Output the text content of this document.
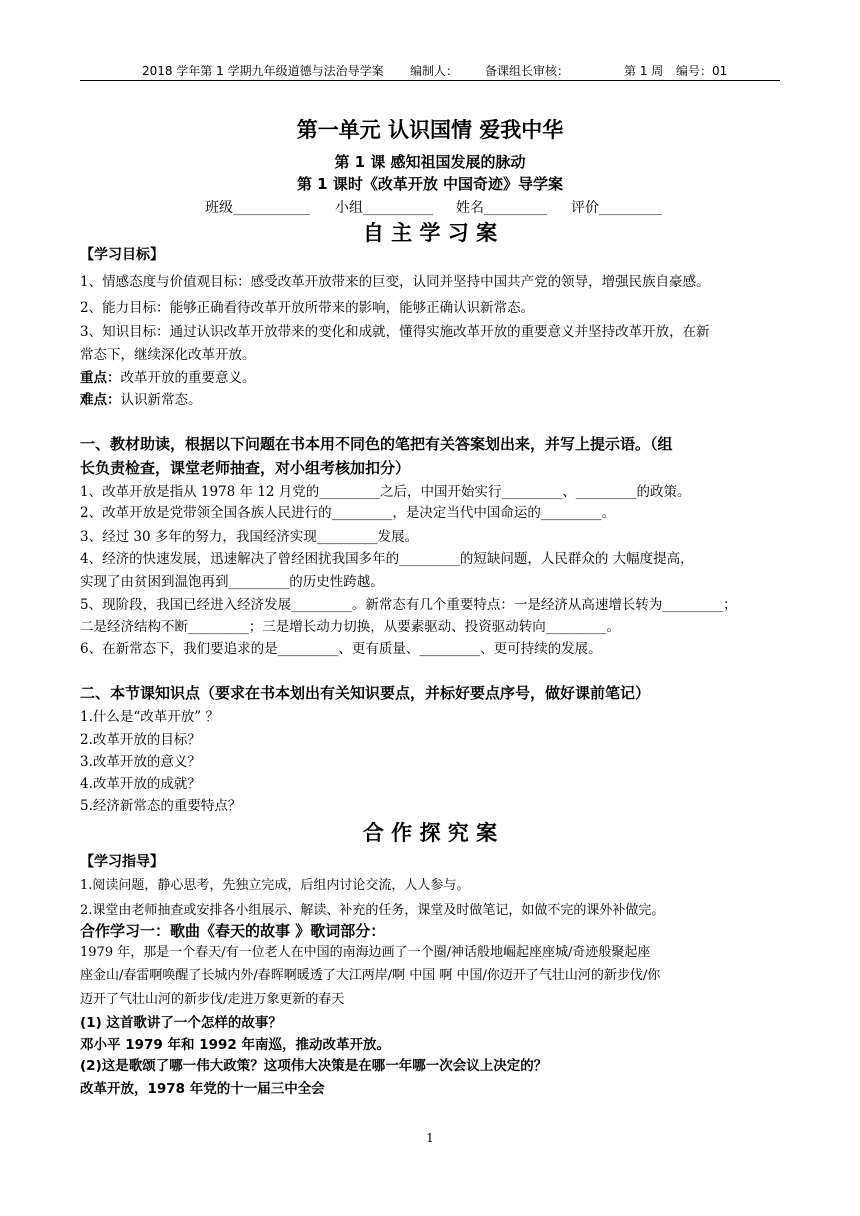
2018 学年第 1 学期九年级道德与法治导学案 编制人： 备课组长审核：	第 1 周 编号：01
第一单元 认识国情 爱我中华
第 1 课 感知祖国发展的脉动
第 1 课时《改革开放 中国奇迹》导学案
班级___________ 小组__________ 姓名_________ 评价_________
自 主 学 习 案
【学习目标】
1、情感态度与价值观目标：感受改革开放带来的巨变，认同并坚持中国共产党的领导，增强民族自豪感。
2、能力目标：能够正确看待改革开放所带来的影响，能够正确认识新常态。
3、知识目标：通过认识改革开放带来的变化和成就，懂得实施改革开放的重要意义并坚持改革开放，在新
常态下，继续深化改革开放。
重点：改革开放的重要意义。
难点：认识新常态。
一、教材助读，根据以下问题在书本用不同色的笔把有关答案划出来，并写上提示语。（组
长负责检查，课堂老师抽查，对小组考核加扣分）
1、改革开放是指从 1978 年 12 月党的_________之后，中国开始实行_________、_________的政策。
2、改革开放是党带领全国各族人民进行的_________，是决定当代中国命运的_________。
3、经过 30 多年的努力，我国经济实现_________发展。
4、经济的快速发展，迅速解决了曾经困扰我国多年的_________的短缺问题，人民群众的 大幅度提高，
实现了由贫困到温饱再到_________的历史性跨越。
5、现阶段，我国已经进入经济发展_________。新常态有几个重要特点：一是经济从高速增长转为_________；
二是经济结构不断_________；三是增长动力切换，从要素驱动、投资驱动转向_________。
6、在新常态下，我们要追求的是_________、更有质量、_________、更可持续的发展。
二、本节课知识点（要求在书本划出有关知识要点，并标好要点序号，做好课前笔记）
1.什么是“改革开放” ？
2.改革开放的目标？
3.改革开放的意义？
4.改革开放的成就？
5.经济新常态的重要特点？
合 作 探 究 案
【学习指导】
1.阅读问题，静心思考，先独立完成，后组内讨论交流，人人参与。
2.课堂由老师抽查或安排各小组展示、解读、补充的任务，课堂及时做笔记，如做不完的课外补做完。
合作学习一：歌曲《春天的故事 》歌词部分：
1979 年，那是一个春天/有一位老人在中国的南海边画了一个圈/神话般地崛起座座城/奇迹般聚起座
座金山/春雷啊唤醒了长城内外/春晖啊暖透了大江两岸/啊 中国 啊 中国/你迈开了气壮山河的新步伐/你
迈开了气壮山河的新步伐/走进万象更新的春天
(1) 这首歌讲了一个怎样的故事？
邓小平 1979 年和 1992 年南巡，推动改革开放。
(2)这是歌颂了哪一伟大政策？这项伟大决策是在哪一年哪一次会议上决定的？
改革开放，1978 年党的十一届三中全会
1
